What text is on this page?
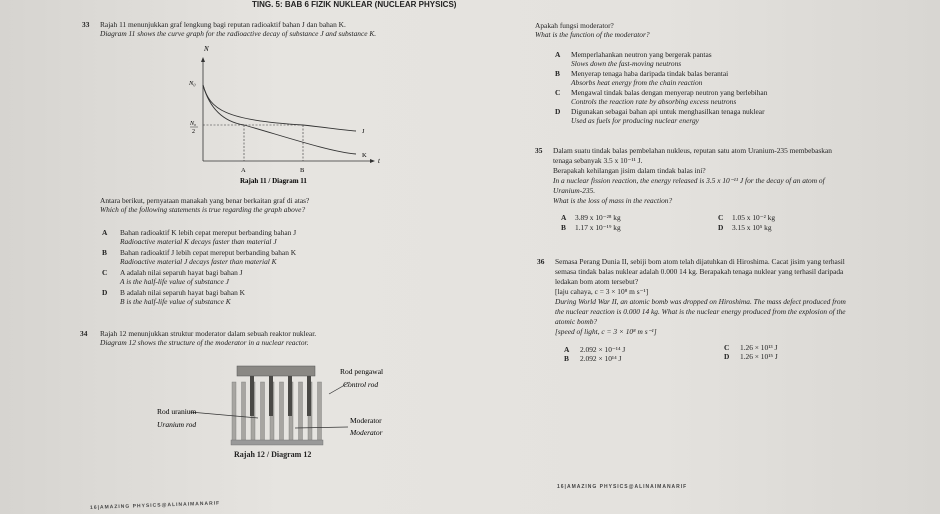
TING. 5: BAB 6 FIZIK NUKLEAR (NUCLEAR PHYSICS)
33 Rajah 11 menunjukkan graf lengkung bagi reputan radioaktif bahan J dan bahan K.
Diagram 11 shows the curve graph for the radioactive decay of substance J and substance K.
N
t
N₀
N₀
2	J
K
A	B
Rajah 11 / Diagram 11
Antara berikut, pernyataan manakah yang benar berkaitan graf di atas?
Which of the following statements is true regarding the graph above?
A Bahan radioaktif K lebih cepat mereput berbanding bahan J
Radioactive material K decays faster than material J
B Bahan radioaktif J lebih cepat mereput berbanding bahan K
Radioactive material J decays faster than material K
C A adalah nilai separuh hayat bagi bahan J
A is the half-life value of substance J
D B adalah nilai separuh hayat bagi bahan K
B is the half-life value of substance K
34 Rajah 12 menunjukkan struktur moderator dalam sebuah reaktor nuklear.
Diagram 12 shows the structure of the moderator in a nuclear reactor.
Rod pengawal
Control rod
Rod uranium
Uranium rod	Moderator
Moderator
Rajah 12 / Diagram 12
Apakah fungsi moderator?
What is the function of the moderator?
A Memperlahankan neutron yang bergerak pantas
Slows down the fast-moving neutrons
B Menyerap tenaga haba daripada tindak balas berantai
Absorbs heat energy from the chain reaction
C Mengawal tindak balas dengan menyerap neutron yang berlebihan
Controls the reaction rate by absorbing excess neutrons
D Digunakan sebagai bahan api untuk menghasilkan tenaga nuklear
Used as fuels for producing nuclear energy
35 Dalam suatu tindak balas pembelahan nukleus, reputan satu atom Uranium-235 membebaskan
tenaga sebanyak 3.5 x 10⁻¹¹ J.
Berapakah kehilangan jisim dalam tindak balas ini?
In a nuclear fission reaction, the energy released is 3.5 x 10⁻¹¹ J for the decay of an atom of
Uranium-235.
What is the loss of mass in the reaction?
A 3.89 x 10⁻²⁸ kg
B 1.17 x 10⁻¹⁹ kg
C 1.05 x 10⁻² kg
D 3.15 x 10⁵ kg
36 Semasa Perang Dunia II, sebiji bom atom telah dijatuhkan di Hiroshima. Cacat jisim yang terhasil
semasa tindak balas nuklear adalah 0.000 14 kg. Berapakah tenaga nuklear yang terhasil daripada
ledakan bom atom tersebut?
[laju cahaya, c = 3 × 10⁸ m s⁻¹]
During World War II, an atomic bomb was dropped on Hiroshima. The mass defect produced from
the nuclear reaction is 0.000 14 kg. What is the nuclear energy produced from the explosion of the
atomic bomb?
[speed of light, c = 3 × 10⁸ m s⁻¹]
A 2.092 × 10⁻¹⁴ J
B 2.092 × 10¹⁴ J
C 1.26 × 10¹³ J
D 1.26 × 10¹⁵ J
16|AMAZING PHYSICS@ALINAIMANARIF
16|AMAZING PHYSICS@ALINAIMANARIF
